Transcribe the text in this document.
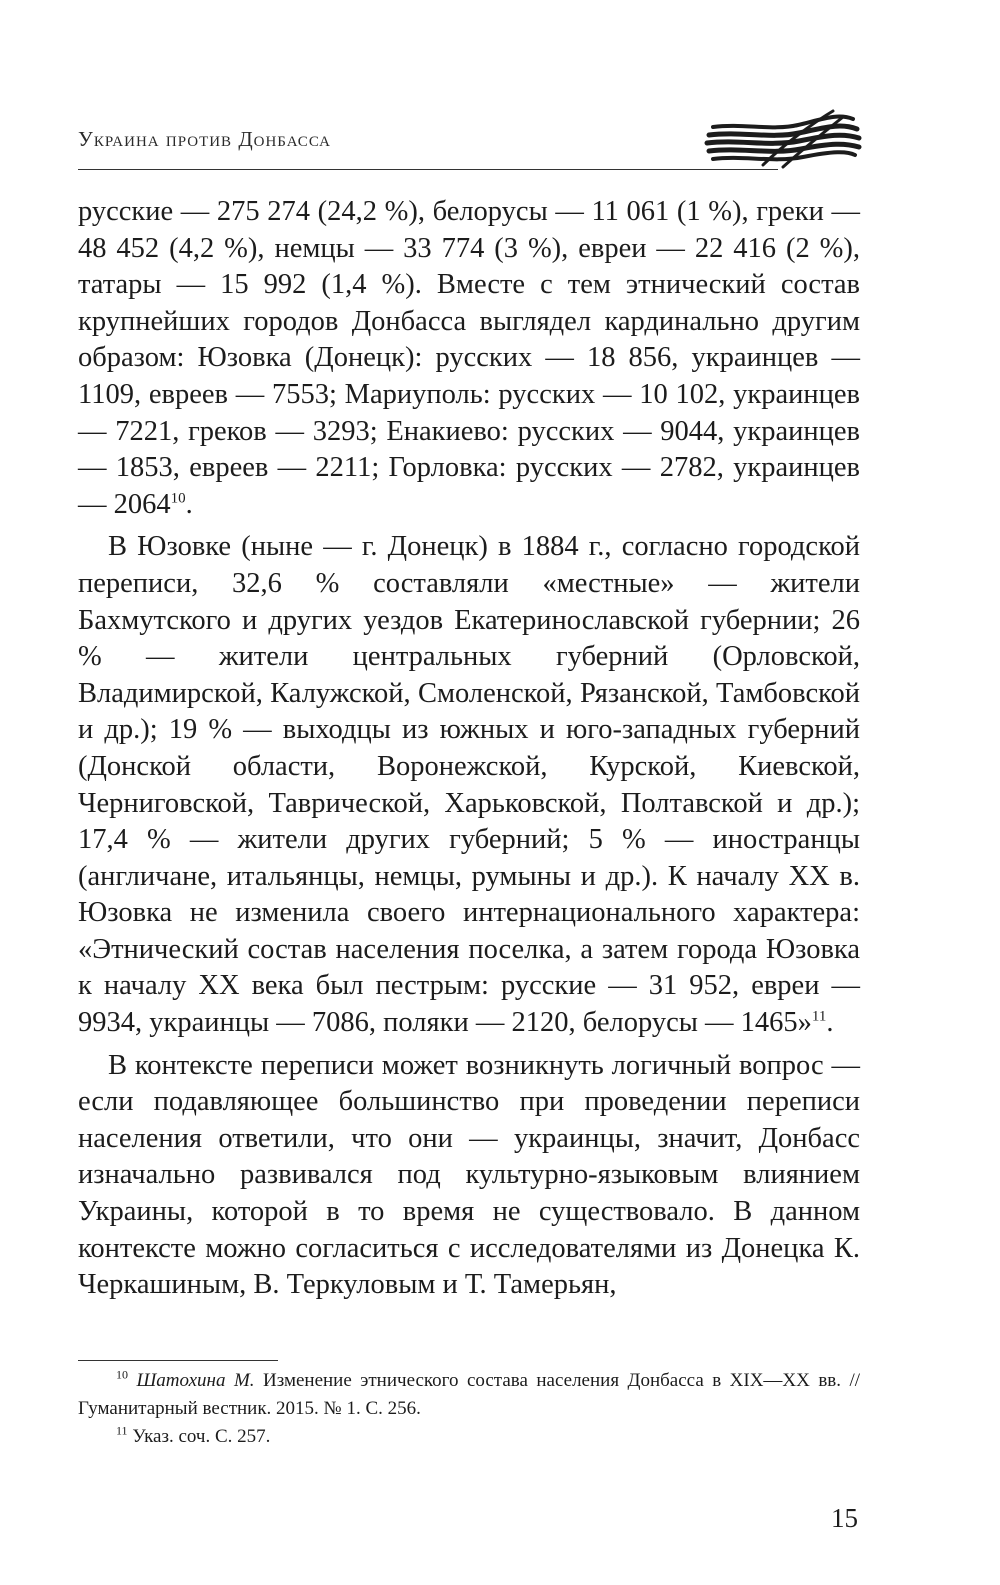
Украина против Донбасса

русские — 275 274 (24,2 %), белорусы — 11 061 (1 %), греки — 48 452 (4,2 %), немцы — 33 774 (3 %), евреи — 22 416 (2 %), татары — 15 992 (1,4 %). Вместе с тем этнический состав крупнейших городов Донбасса выглядел кардинально другим образом: Юзовка (Донецк): русских — 18 856, украинцев — 1109, евреев — 7553; Мариуполь: русских — 10 102, украинцев — 7221, греков — 3293; Енакиево: русских — 9044, украинцев — 1853, евреев — 2211; Горловка: русских — 2782, украинцев — 2064$^{10}$.

В Юзовке (ныне — г. Донецк) в 1884 г., согласно городской переписи, 32,6 % составляли «местные» — жители Бахмутского и других уездов Екатеринославской губернии; 26 % — жители центральных губерний (Орловской, Владимирской, Калужской, Смоленской, Рязанской, Тамбовской и др.); 19 % — выходцы из южных и юго-западных губерний (Донской области, Воронежской, Курской, Киевской, Черниговской, Таврической, Харьковской, Полтавской и др.); 17,4 % — жители других губерний; 5 % — иностранцы (англичане, итальянцы, немцы, румыны и др.). К началу XX в. Юзовка не изменила своего интернационального характера: «Этнический состав населения поселка, а затем города Юзовка к началу XX века был пестрым: русские — 31 952, евреи — 9934, украинцы — 7086, поляки — 2120, белорусы — 1465»$^{11}$.

В контексте переписи может возникнуть логичный вопрос — если подавляющее большинство при проведении переписи населения ответили, что они — украинцы, значит, Донбасс изначально развивался под культурно-языковым влиянием Украины, которой в то время не существовало. В данном контексте можно согласиться с исследователями из Донецка К. Черкашиным, В. Теркуловым и Т. Тамерьян,

$^{10}$ Шатохина М. Изменение этнического состава населения Донбасса в XIX—XX вв. // Гуманитарный вестник. 2015. № 1. С. 256.

$^{11}$ Указ. соч. С. 257.

15
